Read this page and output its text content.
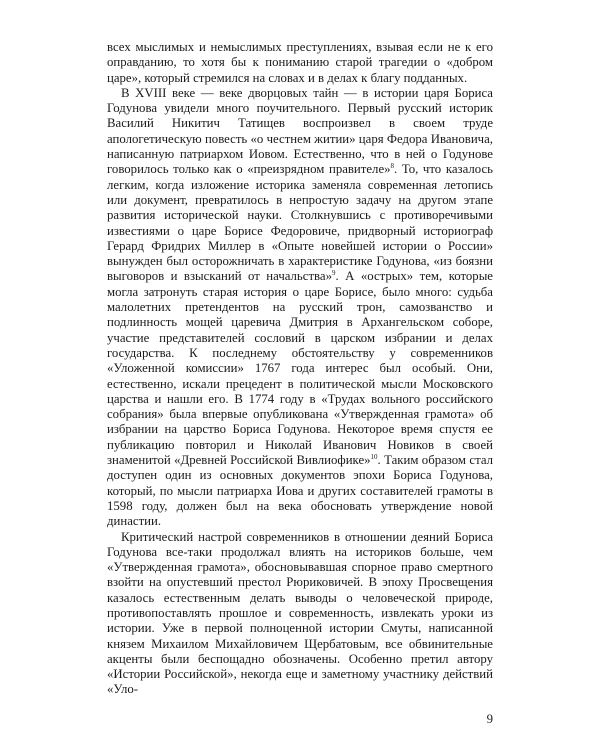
всех мыслимых и немыслимых преступлениях, взывая если не к его оправданию, то хотя бы к пониманию старой трагедии о «добром царе», который стремился на словах и в делах к благу подданных.

В XVIII веке — веке дворцовых тайн — в истории царя Бориса Годунова увидели много поучительного. Первый русский историк Василий Никитич Татищев воспроизвел в своем труде апологетическую повесть «о честнем житии» царя Федора Ивановича, написанную патриархом Иовом. Естественно, что в ней о Годунове говорилось только как о «преизрядном правителе»$^8$. То, что казалось легким, когда изложение историка заменяла современная летопись или документ, превратилось в непростую задачу на другом этапе развития исторической науки. Столкнувшись с противоречивыми известиями о царе Борисе Федоровиче, придворный историограф Герард Фридрих Миллер в «Опыте новейшей истории о России» вынужден был осторожничать в характеристике Годунова, «из боязни выговоров и взысканий от начальства»$^9$. А «острых» тем, которые могла затронуть старая история о царе Борисе, было много: судьба малолетних претендентов на русский трон, самозванство и подлинность мощей царевича Дмитрия в Архангельском соборе, участие представителей сословий в царском избрании и делах государства. К последнему обстоятельству у современников «Уложенной комиссии» 1767 года интерес был особый. Они, естественно, искали прецедент в политической мысли Московского царства и нашли его. В 1774 году в «Трудах вольного российского собрания» была впервые опубликована «Утвержденная грамота» об избрании на царство Бориса Годунова. Некоторое время спустя ее публикацию повторил и Николай Иванович Новиков в своей знаменитой «Древней Российской Вивлиофике»$^{10}$. Таким образом стал доступен один из основных документов эпохи Бориса Годунова, который, по мысли патриарха Иова и других составителей грамоты в 1598 году, должен был на века обосновать утверждение новой династии.

Критический настрой современников в отношении деяний Бориса Годунова все-таки продолжал влиять на историков больше, чем «Утвержденная грамота», обосновывавшая спорное право смертного взойти на опустевший престол Рюриковичей. В эпоху Просвещения казалось естественным делать выводы о человеческой природе, противопоставлять прошлое и современность, извлекать уроки из истории. Уже в первой полноценной истории Смуты, написанной князем Михаилом Михайловичем Щербатовым, все обвинительные акценты были беспощадно обозначены. Особенно претил автору «Истории Российской», некогда еще и заметному участнику действий «Уло-

9
